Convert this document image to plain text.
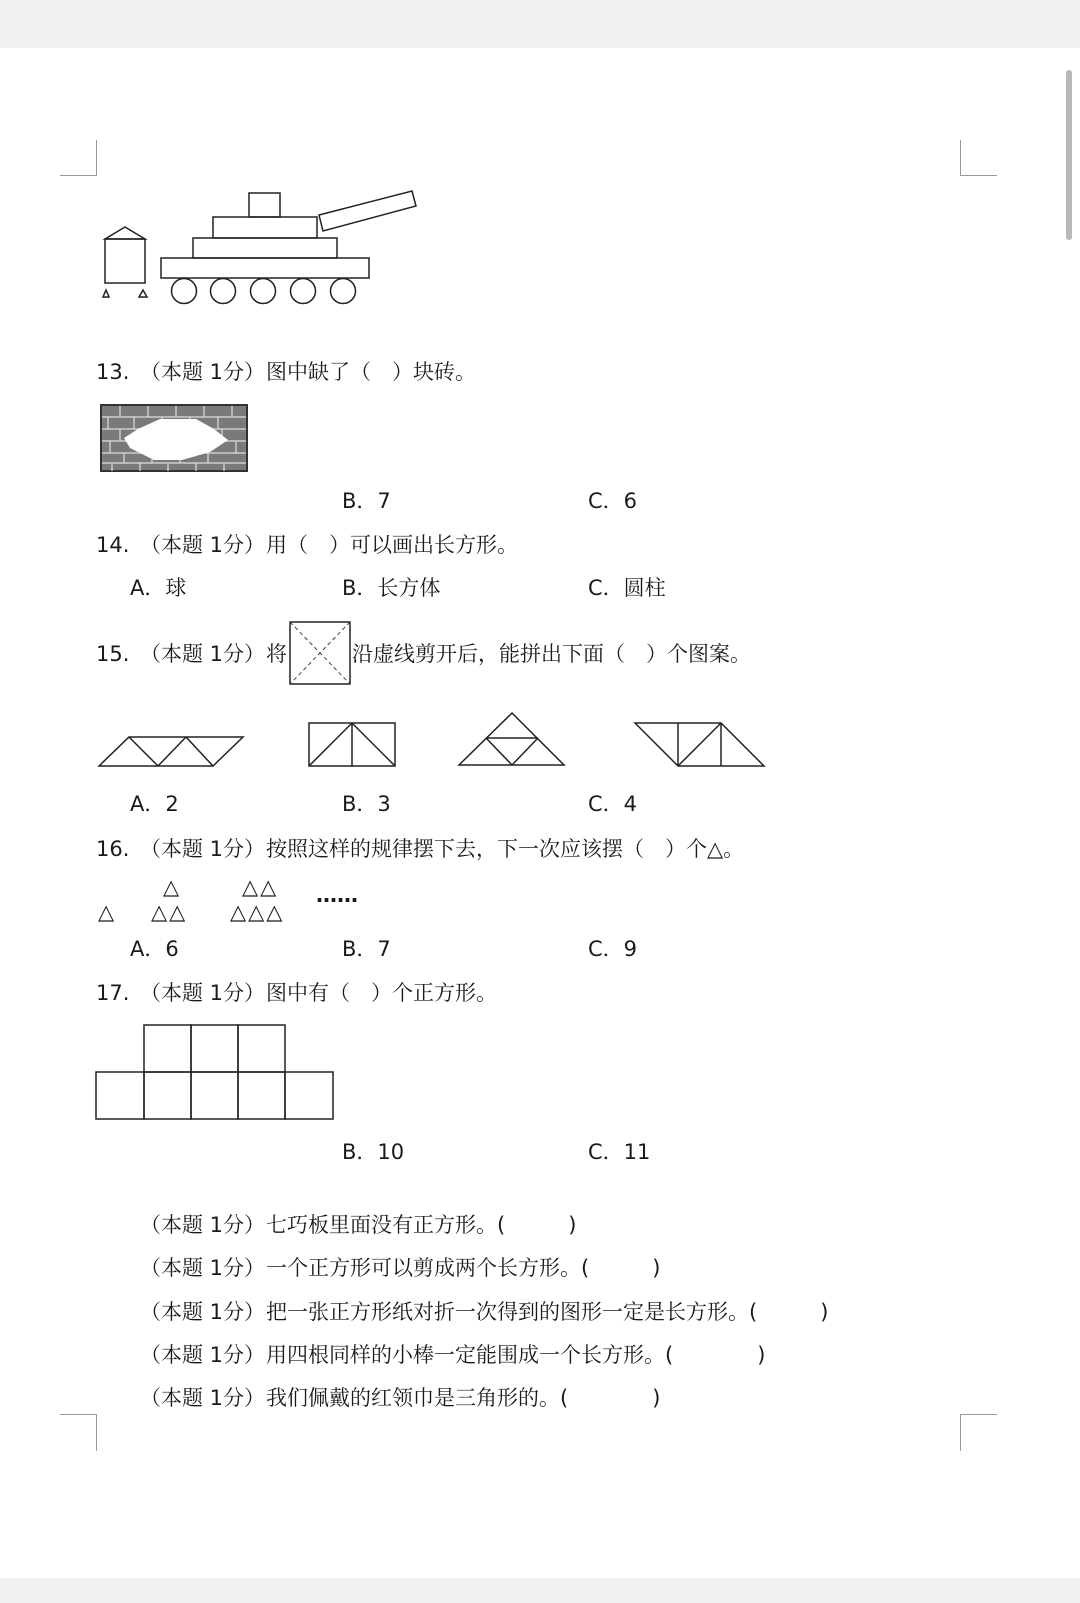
13. （本题 1分） 图中缺了（　）块砖。
B．7	C．6
14. （本题 1分） 用（　）可以画出长方形。
A．球	B．长方体	C．圆柱
15. （本题 1分） 将	沿虚线剪开后，能拼出下面（　）个图案。
A．2	B．3	C．4
16. （本题 1分） 按照这样的规律摆下去，下一次应该摆（　）个△。
△
△
△△
△△
△△△
……
A．6	B．7	C．9
17. （本题 1分） 图中有（　）个正方形。
B．10	C．11
（本题 1分） 七巧板里面没有正方形。(　　　)
（本题 1分） 一个正方形可以剪成两个长方形。(　　　)
（本题 1分） 把一张正方形纸对折一次得到的图形一定是长方形。(　　　)
（本题 1分） 用四根同样的小棒一定能围成一个长方形。(　　　　)
（本题 1分） 我们佩戴的红领巾是三角形的。(　　　　)
